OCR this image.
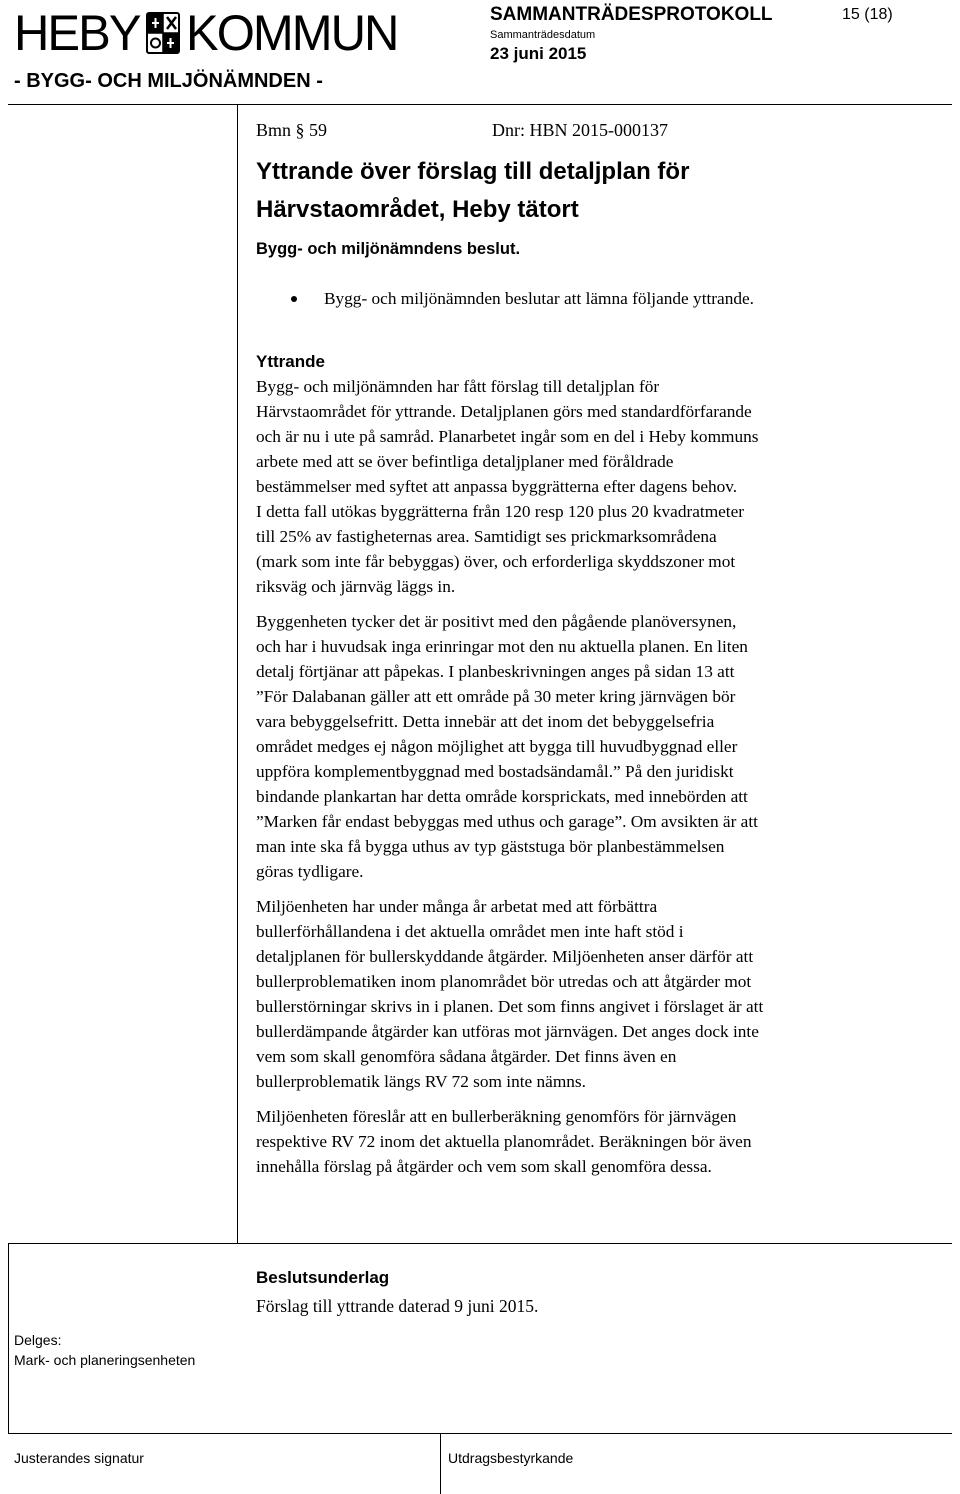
HEBY KOMMUN
- BYGG- OCH MILJÖNÄMNDEN -
SAMMANTRÄDESPROTOKOLL
Sammanträdesdatum
23 juni 2015
15 (18)
Bmn § 59	Dnr: HBN 2015-000137
Yttrande över förslag till detaljplan för
Härvstaområdet, Heby tätort
Bygg- och miljönämndens beslut.
Bygg- och miljönämnden beslutar att lämna följande yttrande.
Yttrande
Bygg- och miljönämnden har fått förslag till detaljplan för
Härvstaområdet för yttrande. Detaljplanen görs med standardförfarande
och är nu i ute på samråd. Planarbetet ingår som en del i Heby kommuns
arbete med att se över befintliga detaljplaner med föråldrade
bestämmelser med syftet att anpassa byggrätterna efter dagens behov.
I detta fall utökas byggrätterna från 120 resp 120 plus 20 kvadratmeter
till 25% av fastigheternas area. Samtidigt ses prickmarksområdena
(mark som inte får bebyggas) över, och erforderliga skyddszoner mot
riksväg och järnväg läggs in.
Byggenheten tycker det är positivt med den pågående planöversynen,
och har i huvudsak inga erinringar mot den nu aktuella planen. En liten
detalj förtjänar att påpekas. I planbeskrivningen anges på sidan 13 att
”För Dalabanan gäller att ett område på 30 meter kring järnvägen bör
vara bebyggelsefritt. Detta innebär att det inom det bebyggelsefria
området medges ej någon möjlighet att bygga till huvudbyggnad eller
uppföra komplementbyggnad med bostadsändamål.” På den juridiskt
bindande plankartan har detta område korsprickats, med innebörden att
”Marken får endast bebyggas med uthus och garage”. Om avsikten är att
man inte ska få bygga uthus av typ gäststuga bör planbestämmelsen
göras tydligare.
Miljöenheten har under många år arbetat med att förbättra
bullerförhållandena i det aktuella området men inte haft stöd i
detaljplanen för bullerskyddande åtgärder. Miljöenheten anser därför att
bullerproblematiken inom planområdet bör utredas och att åtgärder mot
bullerstörningar skrivs in i planen. Det som finns angivet i förslaget är att
bullerdämpande åtgärder kan utföras mot järnvägen. Det anges dock inte
vem som skall genomföra sådana åtgärder. Det finns även en
bullerproblematik längs RV 72 som inte nämns.
Miljöenheten föreslår att en bullerberäkning genomförs för järnvägen
respektive RV 72 inom det aktuella planområdet. Beräkningen bör även
innehålla förslag på åtgärder och vem som skall genomföra dessa.
Beslutsunderlag
Förslag till yttrande daterad 9 juni 2015.
Delges:
Mark- och planeringsenheten
Justerandes signatur	Utdragsbestyrkande
